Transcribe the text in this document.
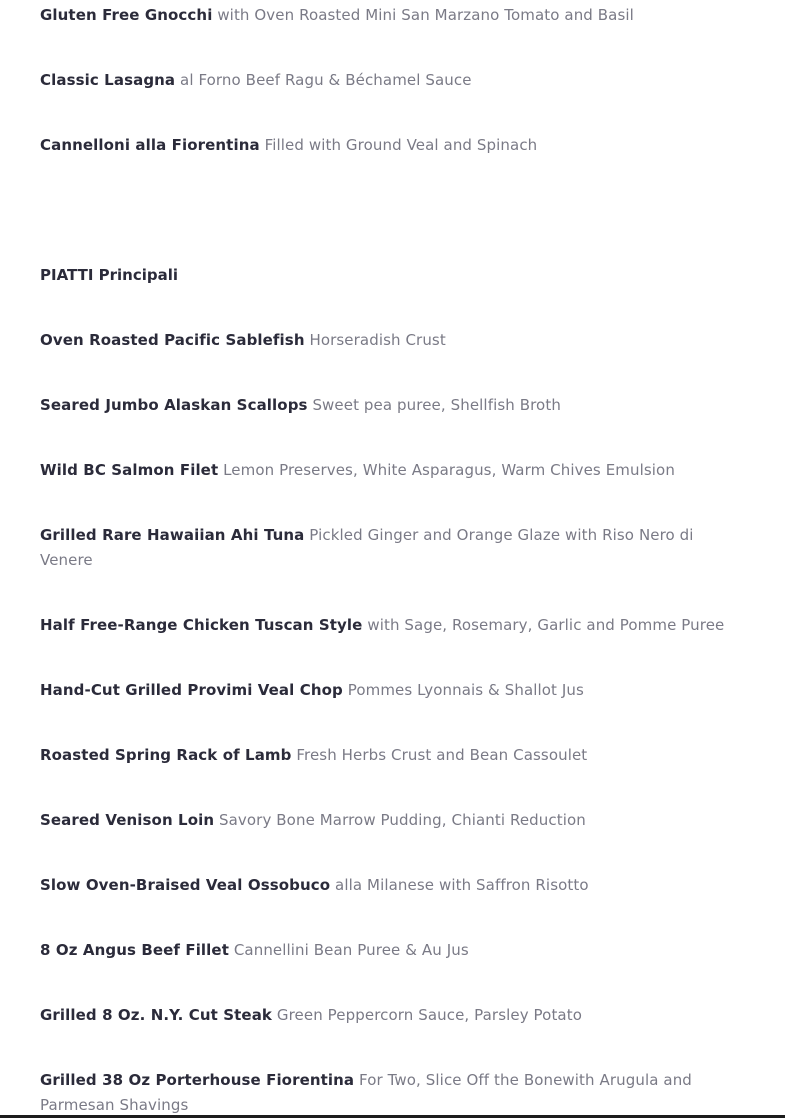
Gluten Free Gnocchi with Oven Roasted Mini San Marzano Tomato and Basil
Classic Lasagna al Forno Beef Ragu & Béchamel Sauce
Cannelloni alla Fiorentina Filled with Ground Veal and Spinach
PIATTI Principali
Oven Roasted Pacific Sablefish Horseradish Crust
Seared Jumbo Alaskan Scallops Sweet pea puree, Shellfish Broth
Wild BC Salmon Filet Lemon Preserves, White Asparagus, Warm Chives Emulsion
Grilled Rare Hawaiian Ahi Tuna Pickled Ginger and Orange Glaze with Riso Nero di Venere
Half Free-Range Chicken Tuscan Style with Sage, Rosemary, Garlic and Pomme Puree
Hand-Cut Grilled Provimi Veal Chop Pommes Lyonnais & Shallot Jus
Roasted Spring Rack of Lamb Fresh Herbs Crust and Bean Cassoulet
Seared Venison Loin Savory Bone Marrow Pudding, Chianti Reduction
Slow Oven-Braised Veal Ossobuco alla Milanese with Saffron Risotto
8 Oz Angus Beef Fillet Cannellini Bean Puree & Au Jus
Grilled 8 Oz. N.Y. Cut Steak Green Peppercorn Sauce, Parsley Potato
Grilled 38 Oz Porterhouse Fiorentina For Two, Slice Off the Bonewith Arugula and Parmesan Shavings
